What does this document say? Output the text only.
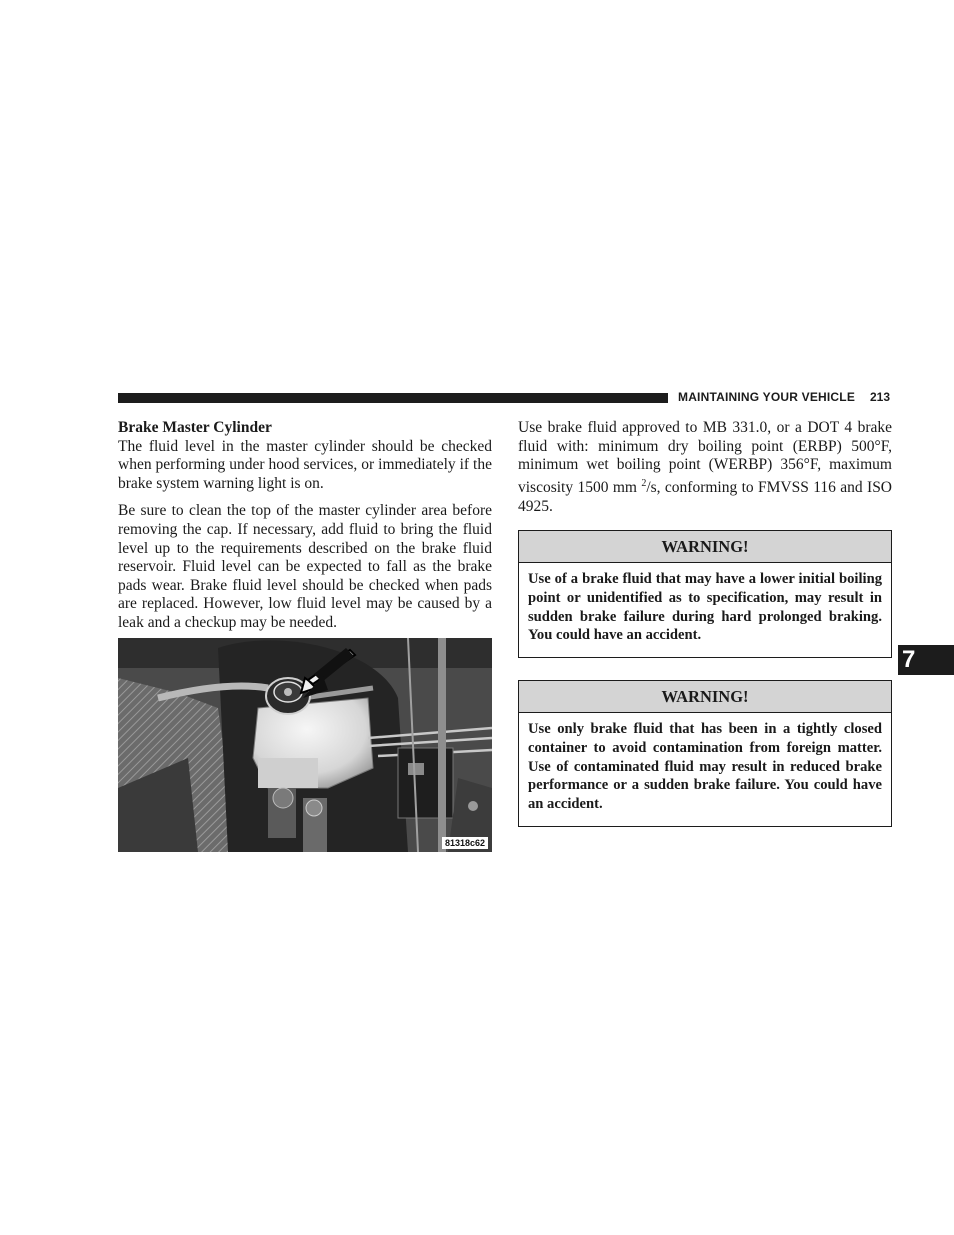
MAINTAINING YOUR VEHICLE 213

Brake Master Cylinder

The fluid level in the master cylinder should be checked when performing under hood services, or immediately if the brake system warning light is on.

Be sure to clean the top of the master cylinder area before removing the cap. If necessary, add fluid to bring the fluid level up to the requirements described on the brake fluid reservoir. Fluid level can be expected to fall as the brake pads wear. Brake fluid level should be checked when pads are replaced. However, low fluid level may be caused by a leak and a checkup may be needed.

81318c62

Use brake fluid approved to MB 331.0, or a DOT 4 brake fluid with: minimum dry boiling point (ERBP) 500°F, minimum wet boiling point (WERBP) 356°F, maximum viscosity 1500 mm $^2$/s, conforming to FMVSS 116 and ISO 4925.

WARNING!
Use of a brake fluid that may have a lower initial boiling point or unidentified as to specification, may result in sudden brake failure during hard prolonged braking. You could have an accident.
WARNING!
Use only brake fluid that has been in a tightly closed container to avoid contamination from foreign matter. Use of contaminated fluid may result in reduced brake performance or a sudden brake failure. You could have an accident.
7
